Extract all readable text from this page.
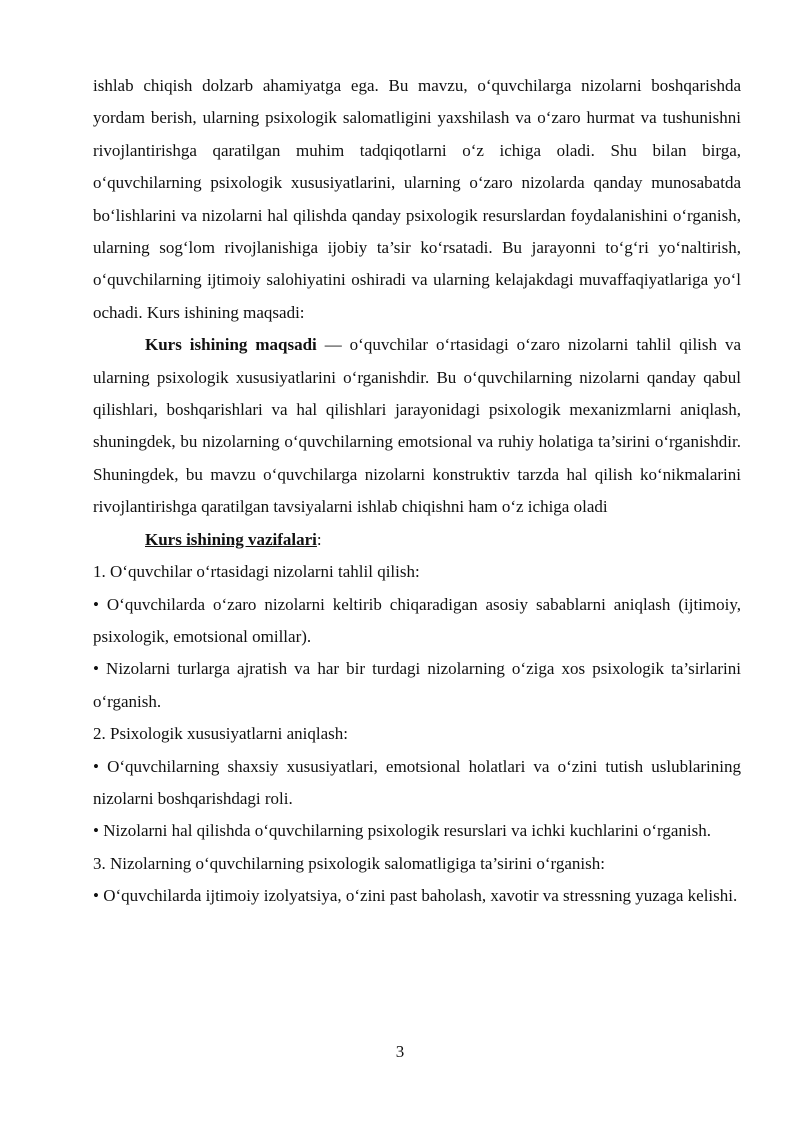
ishlab chiqish dolzarb ahamiyatga ega. Bu mavzu, o‘quvchilarga nizolarni boshqarishda yordam berish, ularning psixologik salomatligini yaxshilash va o‘zaro hurmat va tushunishni rivojlantirishga qaratilgan muhim tadqiqotlarni o‘z ichiga oladi. Shu bilan birga, o‘quvchilarning psixologik xususiyatlarini, ularning o‘zaro nizolarda qanday munosabatda bo‘lishlarini va nizolarni hal qilishda qanday psixologik resurslardan foydalanishini o‘rganish, ularning sog‘lom rivojlanishiga ijobiy ta’sir ko‘rsatadi. Bu jarayonni to‘g‘ri yo‘naltirish, o‘quvchilarning ijtimoiy salohiyatini oshiradi va ularning kelajakdagi muvaffaqiyatlariga yo‘l ochadi. Kurs ishining maqsadi:

Kurs ishining maqsadi — o‘quvchilar o‘rtasidagi o‘zaro nizolarni tahlil qilish va ularning psixologik xususiyatlarini o‘rganishdir. Bu o‘quvchilarning nizolarni qanday qabul qilishlari, boshqarishlari va hal qilishlari jarayonidagi psixologik mexanizmlarni aniqlash, shuningdek, bu nizolarning o‘quvchilarning emotsional va ruhiy holatiga ta’sirini o‘rganishdir. Shuningdek, bu mavzu o‘quvchilarga nizolarni konstruktiv tarzda hal qilish ko‘nikmalarini rivojlantirishga qaratilgan tavsiyalarni ishlab chiqishni ham o‘z ichiga oladi

Kurs ishining vazifalari:

1. O‘quvchilar o‘rtasidagi nizolarni tahlil qilish:

• O‘quvchilarda o‘zaro nizolarni keltirib chiqaradigan asosiy sabablarni aniqlash (ijtimoiy, psixologik, emotsional omillar).

• Nizolarni turlarga ajratish va har bir turdagi nizolarning o‘ziga xos psixologik ta’sirlarini o‘rganish.

2. Psixologik xususiyatlarni aniqlash:

• O‘quvchilarning shaxsiy xususiyatlari, emotsional holatlari va o‘zini tutish uslublarining nizolarni boshqarishdagi roli.

• Nizolarni hal qilishda o‘quvchilarning psixologik resurslari va ichki kuchlarini o‘rganish.

3. Nizolarning o‘quvchilarning psixologik salomatligiga ta’sirini o‘rganish:

• O‘quvchilarda ijtimoiy izolyatsiya, o‘zini past baholash, xavotir va stressning yuzaga kelishi.

3
